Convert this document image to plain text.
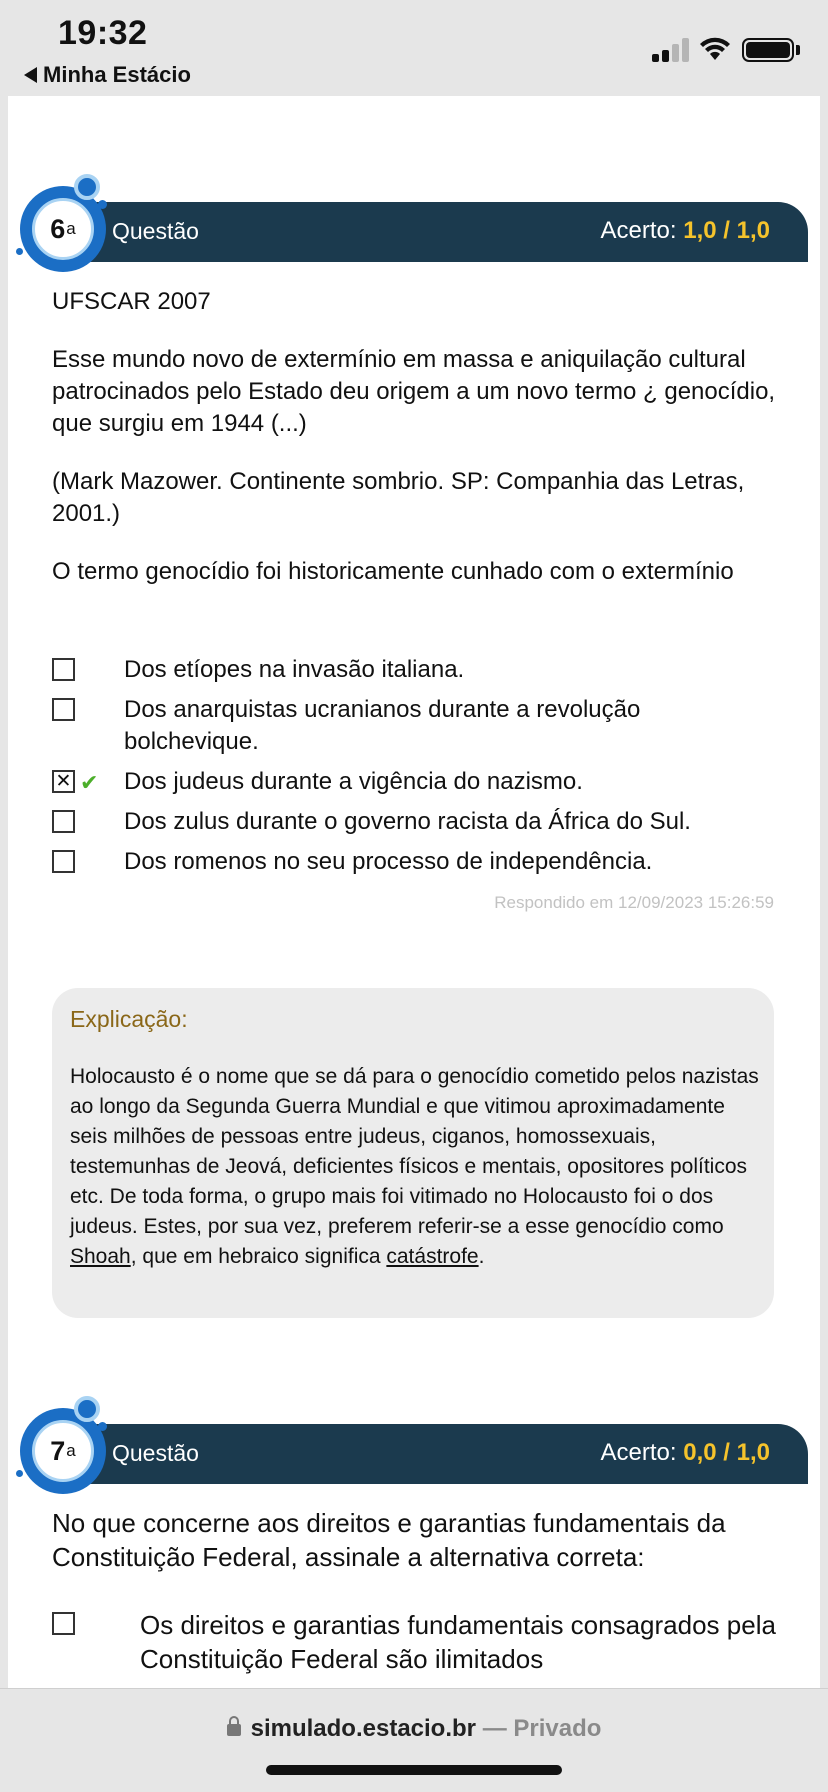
19:32
Minha Estácio
Questão	Acerto: 1,0 / 1,0
6 a
UFSCAR 2007
Esse mundo novo de extermínio em massa e aniquilação cultural patrocinados pelo Estado deu origem a um novo termo ¿ genocídio, que surgiu em 1944 (...)
(Mark Mazower. Continente sombrio. SP: Companhia das Letras, 2001.)
O termo genocídio foi historicamente cunhado com o extermínio
Dos etíopes na invasão italiana.
Dos anarquistas ucranianos durante a revolução bolchevique.
✕ ✔ Dos judeus durante a vigência do nazismo.
Dos zulus durante o governo racista da África do Sul.
Dos romenos no seu processo de independência.
Respondido em 12/09/2023 15:26:59
Explicação:
Holocausto é o nome que se dá para o genocídio cometido pelos nazistas ao longo da Segunda Guerra Mundial e que vitimou aproximadamente seis milhões de pessoas entre judeus, ciganos, homossexuais, testemunhas de Jeová, deficientes físicos e mentais, opositores políticos etc. De toda forma, o grupo mais foi vitimado no Holocausto foi o dos judeus. Estes, por sua vez, preferem referir-se a esse genocídio como Shoah, que em hebraico significa catástrofe.
Questão	Acerto: 0,0 / 1,0
7 a
No que concerne aos direitos e garantias fundamentais da Constituição Federal, assinale a alternativa correta:
Os direitos e garantias fundamentais consagrados pela Constituição Federal são ilimitados
simulado.estacio.br — Privado
